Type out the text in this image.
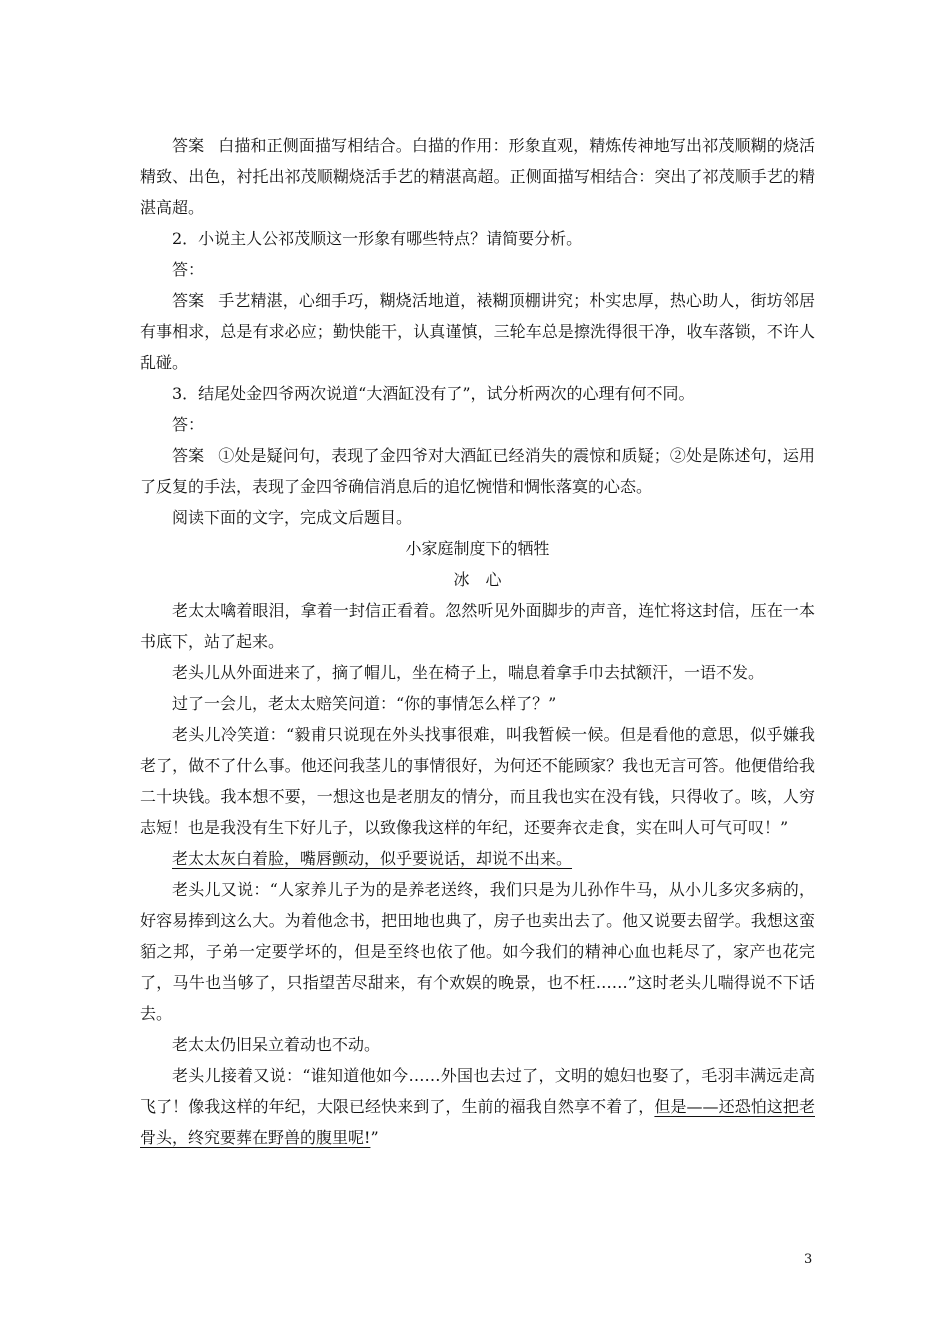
答案 白描和正侧面描写相结合。白描的作用：形象直观，精炼传神地写出祁茂顺糊的烧活精致、出色，衬托出祁茂顺糊烧活手艺的精湛高超。正侧面描写相结合：突出了祁茂顺手艺的精湛高超。

2．小说主人公祁茂顺这一形象有哪些特点？请简要分析。

答：

答案 手艺精湛，心细手巧，糊烧活地道，裱糊顶棚讲究；朴实忠厚，热心助人，街坊邻居有事相求，总是有求必应；勤快能干，认真谨慎，三轮车总是擦洗得很干净，收车落锁，不许人乱碰。

3．结尾处金四爷两次说道“大酒缸没有了”，试分析两次的心理有何不同。

答：

答案 ①处是疑问句，表现了金四爷对大酒缸已经消失的震惊和质疑；②处是陈述句，运用了反复的手法，表现了金四爷确信消息后的追忆惋惜和惆怅落寞的心态。

阅读下面的文字，完成文后题目。

小家庭制度下的牺牲

冰　心

老太太噙着眼泪，拿着一封信正看着。忽然听见外面脚步的声音，连忙将这封信，压在一本书底下，站了起来。

老头儿从外面进来了，摘了帽儿，坐在椅子上，喘息着拿手巾去拭额汗，一语不发。

过了一会儿，老太太赔笑问道：“你的事情怎么样了？”

老头儿冷笑道：“毅甫只说现在外头找事很难，叫我暂候一候。但是看他的意思，似乎嫌我老了，做不了什么事。他还问我茎儿的事情很好，为何还不能顾家？我也无言可答。他便借给我二十块钱。我本想不要，一想这也是老朋友的情分，而且我也实在没有钱，只得收了。咳，人穷志短！也是我没有生下好儿子，以致像我这样的年纪，还要奔衣走食，实在叫人可气可叹！”

老太太灰白着脸，嘴唇颤动，似乎要说话，却说不出来。

老头儿又说：“人家养儿子为的是养老送终，我们只是为儿孙作牛马，从小儿多灾多病的，好容易捧到这么大。为着他念书，把田地也典了，房子也卖出去了。他又说要去留学。我想这蛮貊之邦，子弟一定要学坏的，但是至终也依了他。如今我们的精神心血也耗尽了，家产也花完了，马牛也当够了，只指望苦尽甜来，有个欢娱的晚景，也不枉……”这时老头儿喘得说不下话去。

老太太仍旧呆立着动也不动。

老头儿接着又说：“谁知道他如今……外国也去过了，文明的媳妇也娶了，毛羽丰满远走高飞了！像我这样的年纪，大限已经快来到了，生前的福我自然享不着了，但是——还恐怕这把老骨头，终究要葬在野兽的腹里呢!”

3
